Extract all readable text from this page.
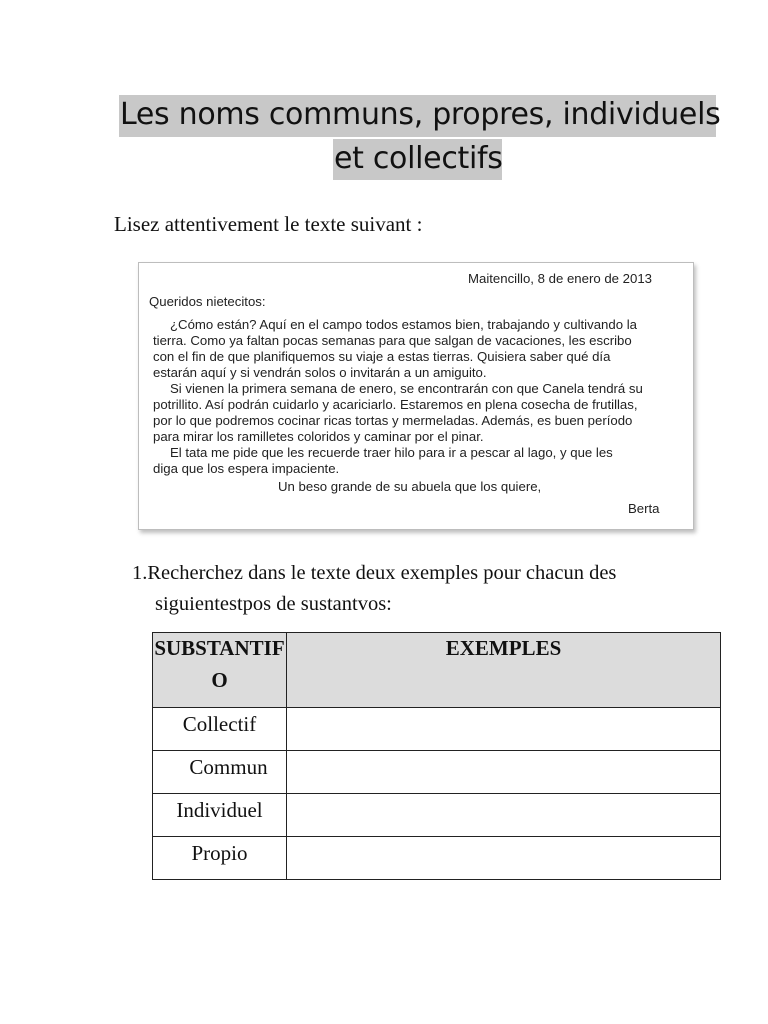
Les noms communs, propres, individuels
et collectifs
Lisez attentivement le texte suivant :
Maitencillo, 8 de enero de 2013
Queridos nietecitos:
¿Cómo están? Aquí en el campo todos estamos bien, trabajando y cultivando la
tierra. Como ya faltan pocas semanas para que salgan de vacaciones, les escribo
con el fin de que planifiquemos su viaje a estas tierras. Quisiera saber qué día
estarán aquí y si vendrán solos o invitarán a un amiguito.
Si vienen la primera semana de enero, se encontrarán con que Canela tendrá su
potrillito. Así podrán cuidarlo y acariciarlo. Estaremos en plena cosecha de frutillas,
por lo que podremos cocinar ricas tortas y mermeladas. Además, es buen período
para mirar los ramilletes coloridos y caminar por el pinar.
El tata me pide que les recuerde traer hilo para ir a pescar al lago, y que les
diga que los espera impaciente.
Un beso grande de su abuela que los quiere,
Berta
1.Recherchez dans le texte deux exemples pour chacun des
siguientestpos de sustantvos:
SUBSTANTIF
O	EXEMPLES

Collectif	

Commun	

Individuel	

Propio	
